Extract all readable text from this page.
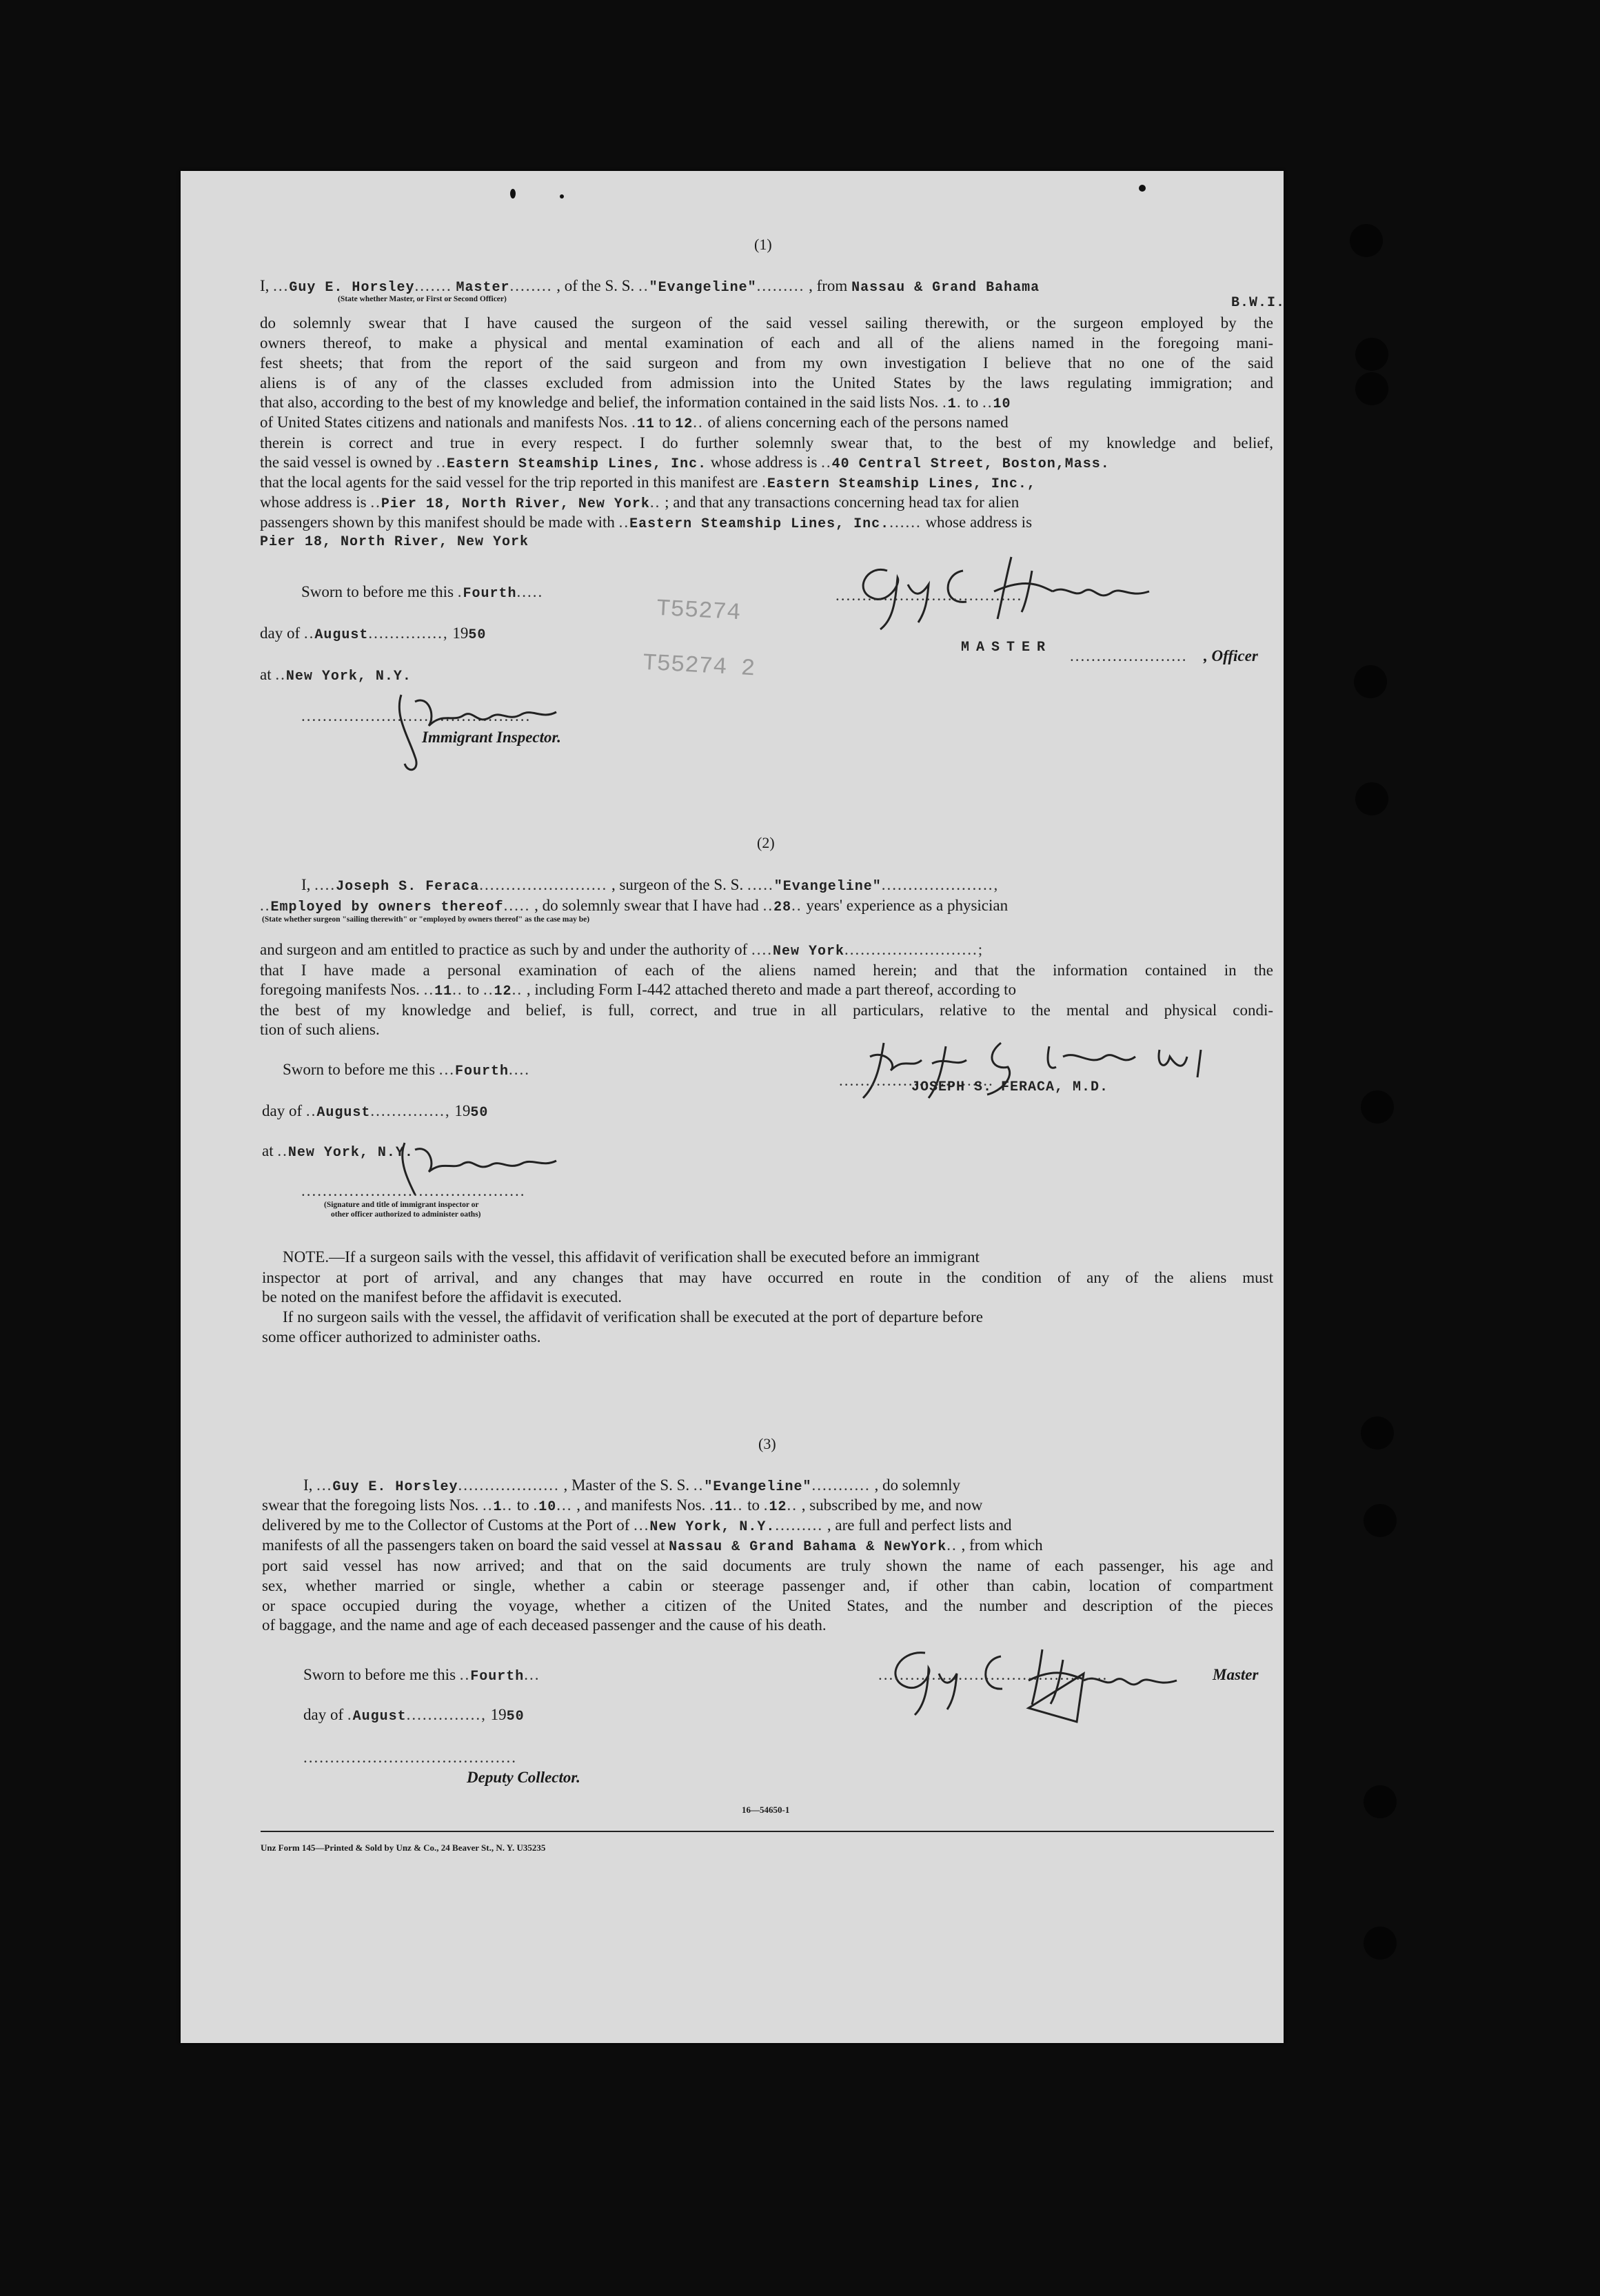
(1)
I, ...Guy E. Horsley....... Master........ , of the S. S. .."Evangeline"......... , from Nassau & Grand Bahama
(State whether Master, or First or Second Officer)	B.W.I.
do solemnly swear that I have caused the surgeon of the said vessel sailing therewith, or the surgeon employed by the
owners thereof, to make a physical and mental examination of each and all of the aliens named in the foregoing mani-
fest sheets; that from the report of the said surgeon and from my own investigation I believe that no one of the said
aliens is of any of the classes excluded from admission into the United States by the laws regulating immigration; and
that also, according to the best of my knowledge and belief, the information contained in the said lists Nos. .1. to ..10
of United States citizens and nationals and manifests Nos. .11 to 12.. of aliens concerning each of the persons named
therein is correct and true in every respect. I do further solemnly swear that, to the best of my knowledge and belief,
the said vessel is owned by ..Eastern Steamship Lines, Inc. whose address is ..40 Central Street, Boston,Mass.
that the local agents for the said vessel for the trip reported in this manifest are .Eastern Steamship Lines, Inc.,
whose address is ..Pier 18, North River, New York.. ; and that any transactions concerning head tax for alien
passengers shown by this manifest should be made with ..Eastern Steamship Lines, Inc....... whose address is
Pier 18, North River, New York
Sworn to before me this .Fourth.....
day of ..August.............., 1950
at ..New York, N.Y.
...........................................
Immigrant Inspector.
T55274
T55274 2
...................................
MASTER ...................... , Officer
(2)
I, ....Joseph S. Feraca........................ , surgeon of the S. S. ....."Evangeline".....................,
..Employed by owners thereof..... , do solemnly swear that I have had ..28.. years' experience as a physician
(State whether surgeon "sailing therewith" or "employed by owners thereof" as the case may be)
and surgeon and am entitled to practice as such by and under the authority of ....New York.........................;
that I have made a personal examination of each of the aliens named herein; and that the information contained in the
foregoing manifests Nos. ..11.. to ..12.. , including Form I-442 attached thereto and made a part thereof, according to
the best of my knowledge and belief, is full, correct, and true in all particulars, relative to the mental and physical condi-
tion of such aliens.
Sworn to before me this ...Fourth....
day of ..August.............., 1950
at ..New York, N.Y.
..........................................
(Signature and title of immigrant inspector or
other officer authorized to administer oaths)
.............................
JOSEPH S. FERACA, M.D.
NOTE.—If a surgeon sails with the vessel, this affidavit of verification shall be executed before an immigrant
inspector at port of arrival, and any changes that may have occurred en route in the condition of any of the aliens must
be noted on the manifest before the affidavit is executed.
If no surgeon sails with the vessel, the affidavit of verification shall be executed at the port of departure before
some officer authorized to administer oaths.
(3)
I, ...Guy E. Horsley................... , Master of the S. S. .."Evangeline"........... , do solemnly
swear that the foregoing lists Nos. ..1.. to .10... , and manifests Nos. .11.. to .12.. , subscribed by me, and now
delivered by me to the Collector of Customs at the Port of ...New York, N.Y.......... , are full and perfect lists and
manifests of all the passengers taken on board the said vessel at Nassau & Grand Bahama & NewYork.. , from which
port said vessel has now arrived; and that on the said documents are truly shown the name of each passenger, his age and
sex, whether married or single, whether a cabin or steerage passenger and, if other than cabin, location of compartment
or space occupied during the voyage, whether a citizen of the United States, and the number and description of the pieces
of baggage, and the name and age of each deceased passenger and the cause of his death.
Sworn to before me this ..Fourth...
day of .August.............., 1950
........................................
Deputy Collector.
...........................................	Master
16—54650-1
Unz Form 145—Printed & Sold by Unz & Co., 24 Beaver St., N. Y. U35235
